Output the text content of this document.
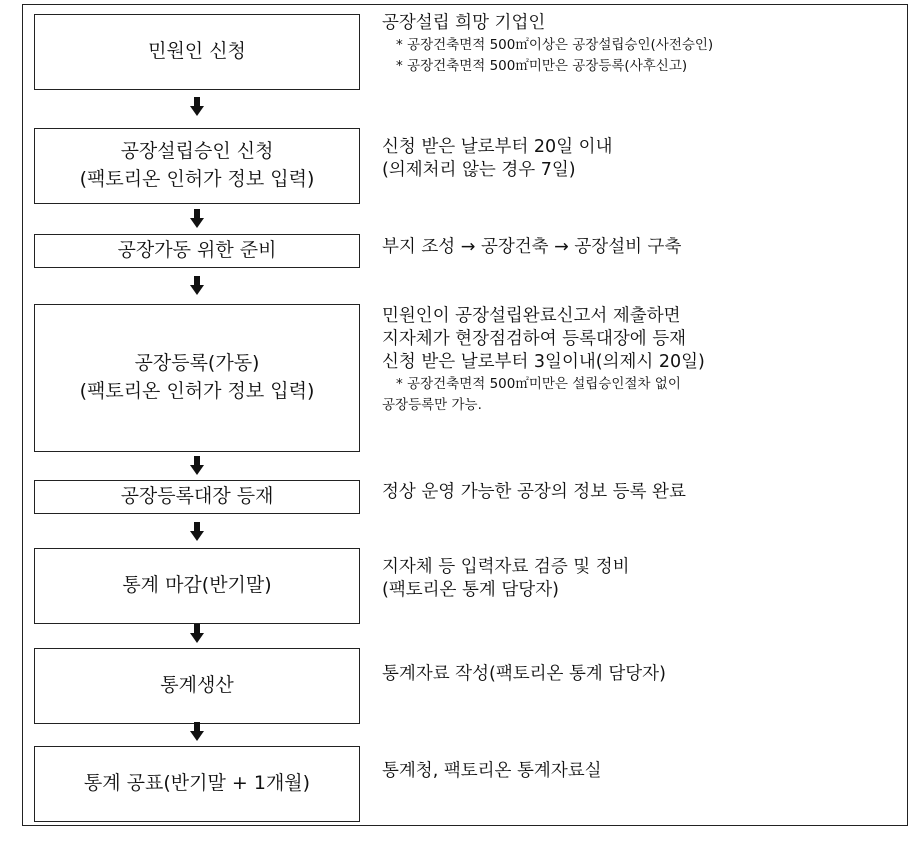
민원인 신청
공장설립 희망 기업인
* 공장건축면적 500㎡이상은 공장설립승인(사전승인)
* 공장건축면적 500㎡미만은 공장등록(사후신고)
공장설립승인 신청
(팩토리온 인허가 정보 입력)
신청 받은 날로부터 20일 이내
(의제처리 않는 경우 7일)
공장가동 위한 준비	부지 조성 → 공장건축 → 공장설비 구축
공장등록(가동)
(팩토리온 인허가 정보 입력)
민원인이 공장설립완료신고서 제출하면
지자체가 현장점검하여 등록대장에 등재
신청 받은 날로부터 3일이내(의제시 20일)
* 공장건축면적 500㎡미만은 설립승인절차 없이
공장등록만 가능.
공장등록대장 등재	정상 운영 가능한 공장의 정보 등록 완료
통계 마감(반기말)
지자체 등 입력자료 검증 및 정비
(팩토리온 통계 담당자)
통계생산
통계자료 작성(팩토리온 통계 담당자)
통계 공표(반기말 + 1개월)
통계청, 팩토리온 통계자료실
